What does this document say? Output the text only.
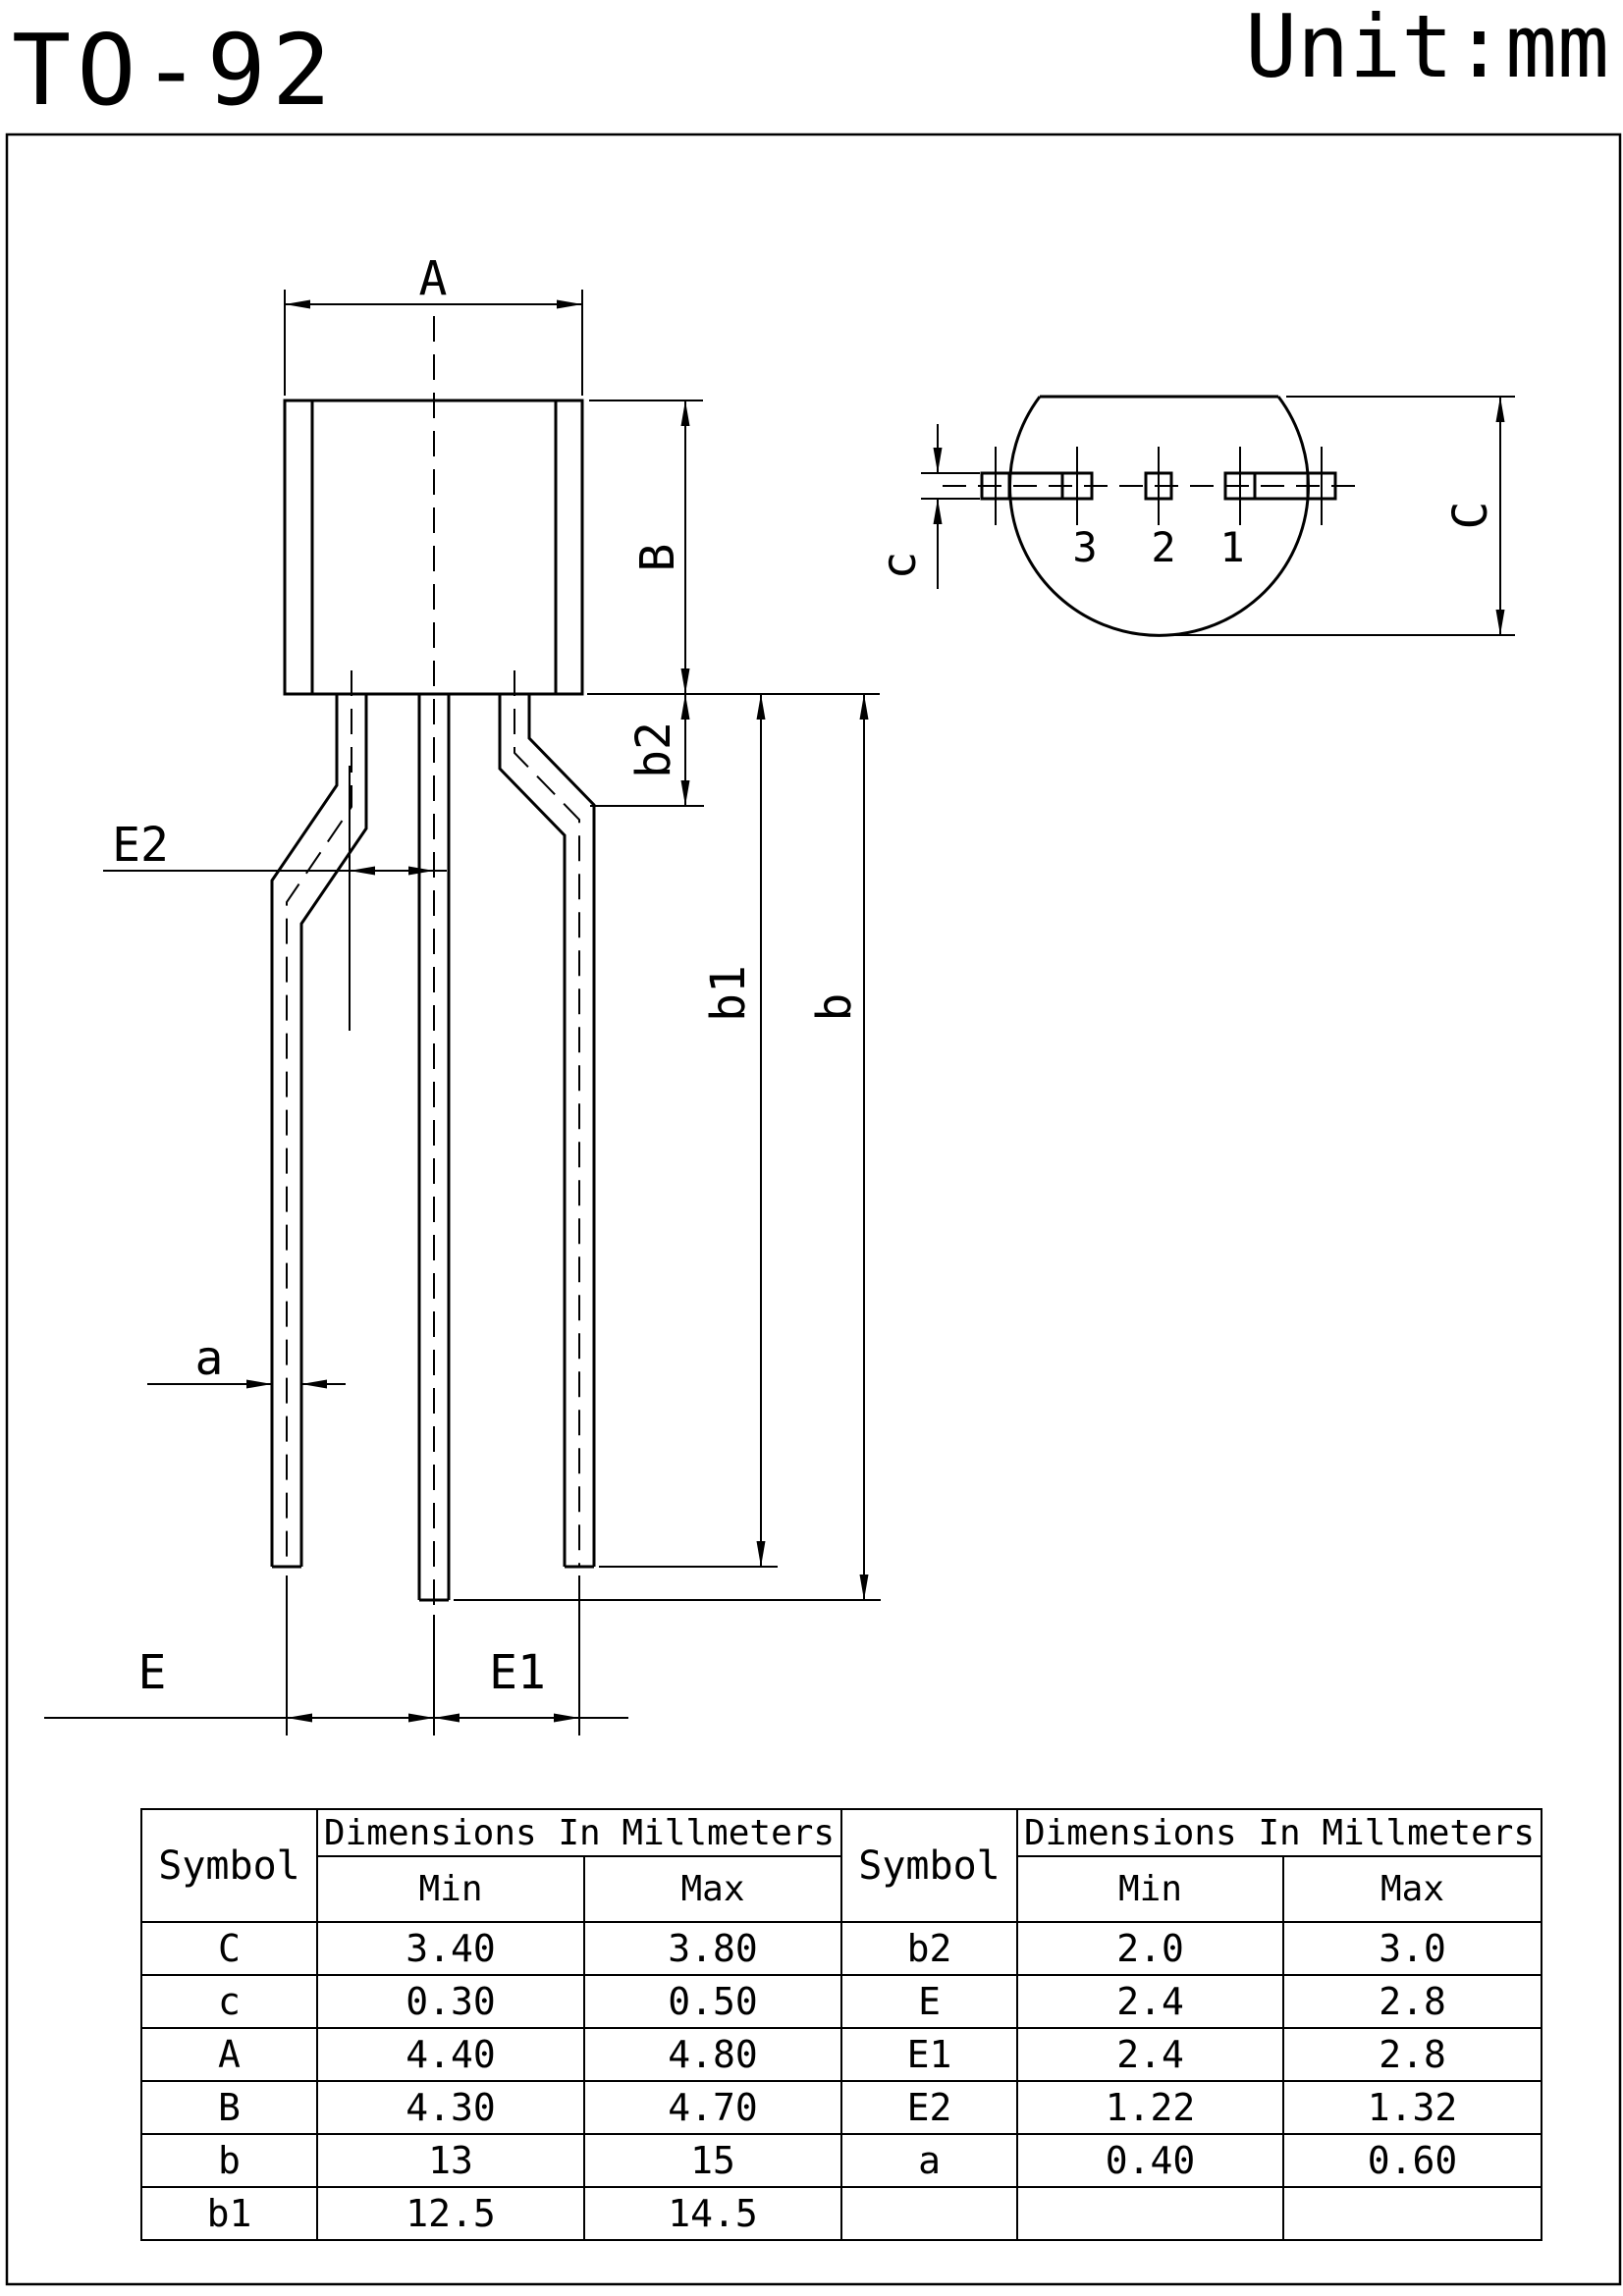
TO-92	Unit:mm
A
B
b2
E2
a
b1 b
E	E1
c
C
3 2 1
Symbol	Dimensions In Millmeters		Symbol	Dimensions In Millmeters	
	Min	Max		Min	Max
C	3.40	3.80	b2	2.0	3.0
c	0.30	0.50	E	2.4	2.8
A	4.40	4.80	E1	2.4	2.8
B	4.30	4.70	E2	1.22	1.32
b	13	15	a	0.40	0.60
b1	12.5	14.5			
